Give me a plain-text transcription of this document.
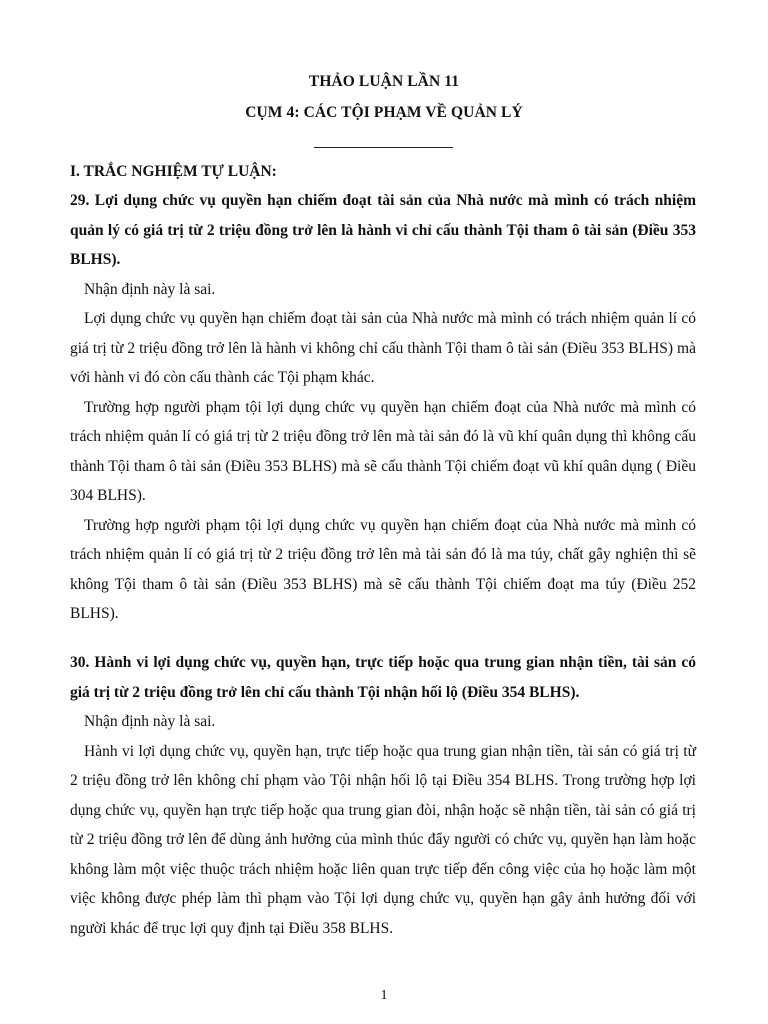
THẢO LUẬN LẦN 11
CỤM 4: CÁC TỘI PHẠM VỀ QUẢN LÝ
I. TRẮC NGHIỆM TỰ LUẬN:

29. Lợi dụng chức vụ quyền hạn chiếm đoạt tài sản của Nhà nước mà mình có trách nhiệm quản lý có giá trị từ 2 triệu đồng trở lên là hành vi chỉ cấu thành Tội tham ô tài sản (Điều 353 BLHS).

Nhận định này là sai.

Lợi dụng chức vụ quyền hạn chiếm đoạt tài sản của Nhà nước mà mình có trách nhiệm quản lí có giá trị từ 2 triệu đồng trở lên là hành vi không chỉ cấu thành Tội tham ô tài sản (Điều 353 BLHS) mà với hành vi đó còn cấu thành các Tội phạm khác.

Trường hợp người phạm tội lợi dụng chức vụ quyền hạn chiếm đoạt của Nhà nước mà mình có trách nhiệm quản lí có giá trị từ 2 triệu đồng trở lên mà tài sản đó là vũ khí quân dụng thì không cấu thành Tội tham ô tài sản (Điều 353 BLHS) mà sẽ cấu thành Tội chiếm đoạt vũ khí quân dụng ( Điều 304 BLHS).

Trường hợp người phạm tội lợi dụng chức vụ quyền hạn chiếm đoạt của Nhà nước mà mình có trách nhiệm quản lí có giá trị từ 2 triệu đồng trở lên mà tài sản đó là ma túy, chất gây nghiện thì sẽ không Tội tham ô tài sản (Điều 353 BLHS) mà sẽ cấu thành Tội chiếm đoạt ma túy (Điều 252 BLHS).

30. Hành vi lợi dụng chức vụ, quyền hạn, trực tiếp hoặc qua trung gian nhận tiền, tài sản có giá trị từ 2 triệu đồng trở lên chỉ cấu thành Tội nhận hối lộ (Điều 354 BLHS).

Nhận định này là sai.

Hành vi lợi dụng chức vụ, quyền hạn, trực tiếp hoặc qua trung gian nhận tiền, tài sản có giá trị từ 2 triệu đồng trở lên không chỉ phạm vào Tội nhận hối lộ tại Điều 354 BLHS. Trong trường hợp lợi dụng chức vụ, quyền hạn trực tiếp hoặc qua trung gian đòi, nhận hoặc sẽ nhận tiền, tài sản có giá trị từ 2 triệu đồng trở lên để dùng ảnh hưởng của mình thúc đẩy người có chức vụ, quyền hạn làm hoặc không làm một việc thuộc trách nhiệm hoặc liên quan trực tiếp đến công việc của họ hoặc làm một việc không được phép làm thì phạm vào Tội lợi dụng chức vụ, quyền hạn gây ảnh hưởng đối với người khác để trục lợi quy định tại Điều 358 BLHS.

1
